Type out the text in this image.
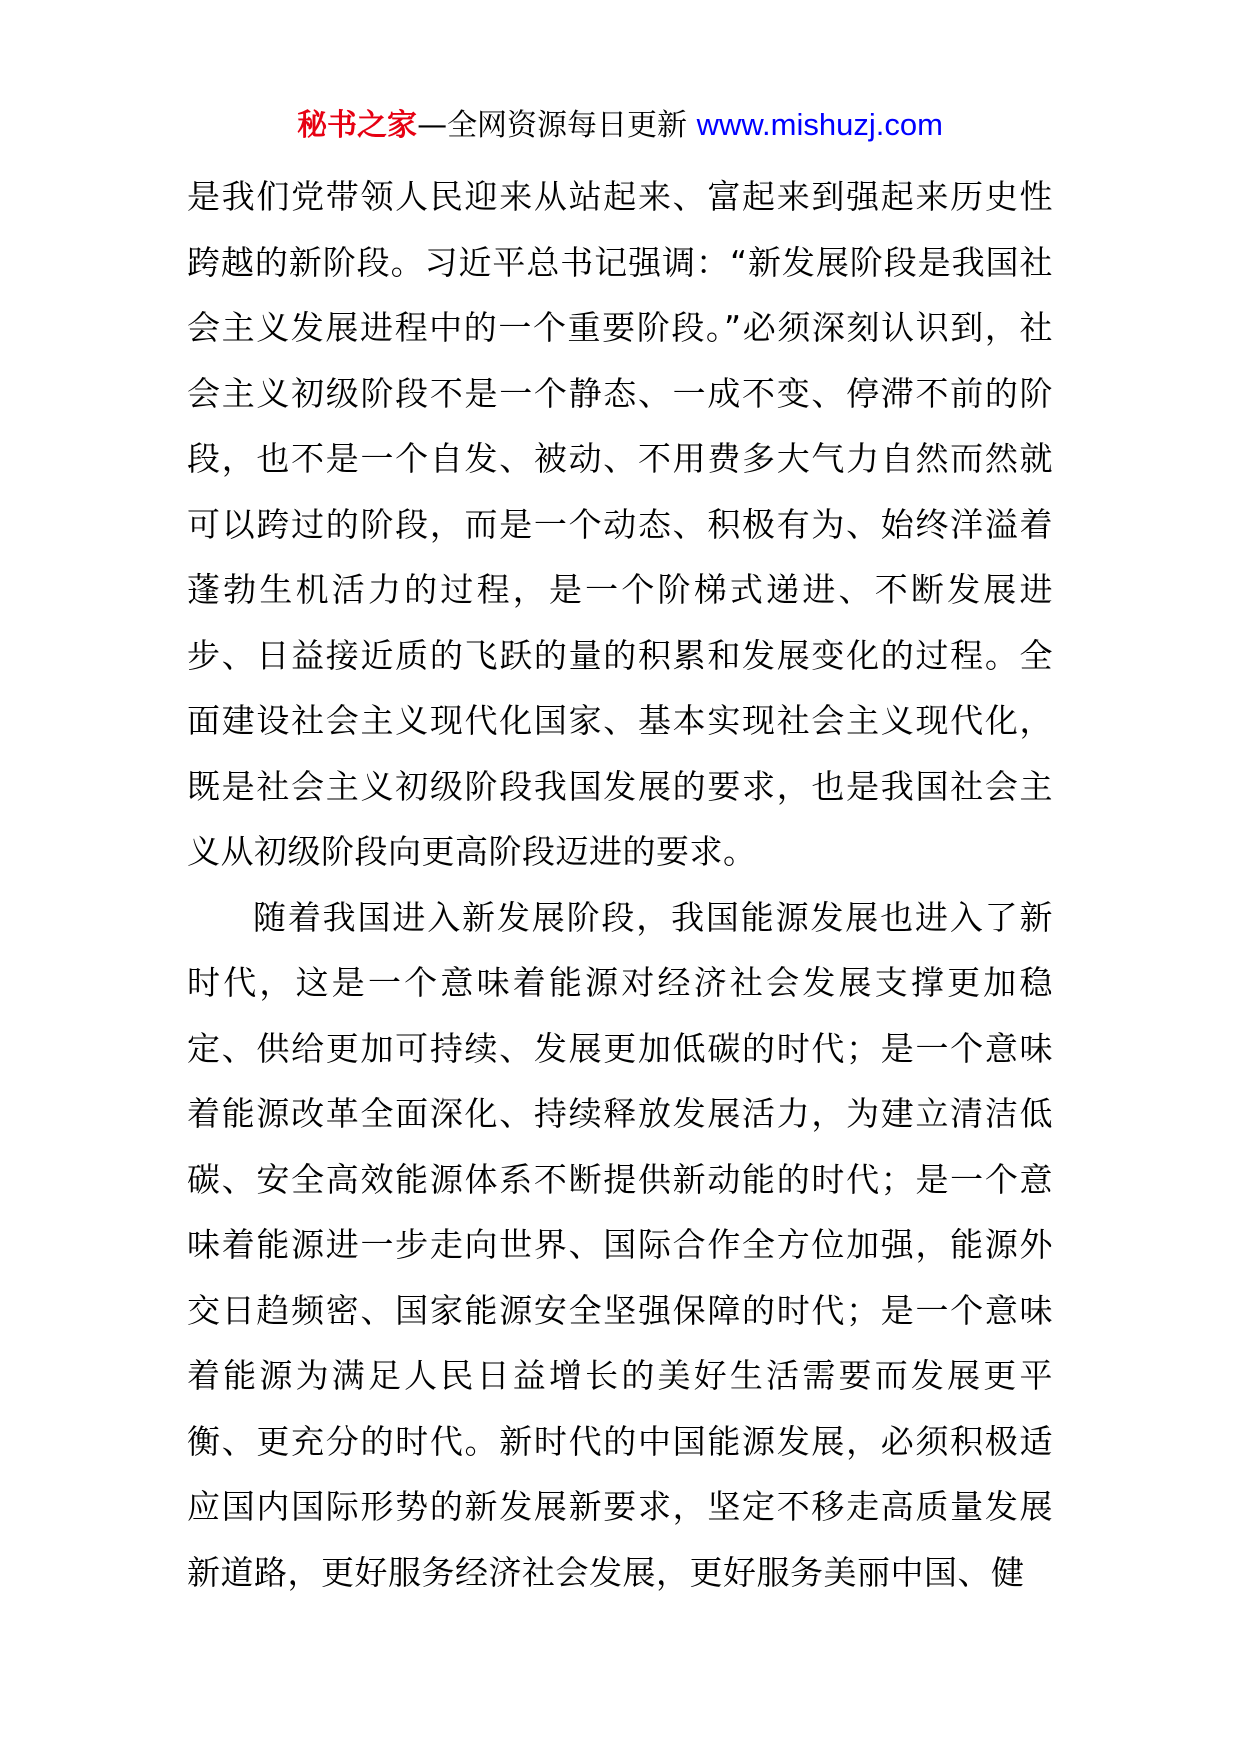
秘书之家—全网资源每日更新 www.mishuzj.com

是我们党带领人民迎来从站起来、富起来到强起来历史性跨越的新阶段。习近平总书记强调：“新发展阶段是我国社会主义发展进程中的一个重要阶段。”必须深刻认识到，社会主义初级阶段不是一个静态、一成不变、停滞不前的阶段，也不是一个自发、被动、不用费多大气力自然而然就可以跨过的阶段，而是一个动态、积极有为、始终洋溢着蓬勃生机活力的过程，是一个阶梯式递进、不断发展进步、日益接近质的飞跃的量的积累和发展变化的过程。全面建设社会主义现代化国家、基本实现社会主义现代化，既是社会主义初级阶段我国发展的要求，也是我国社会主义从初级阶段向更高阶段迈进的要求。

随着我国进入新发展阶段，我国能源发展也进入了新时代，这是一个意味着能源对经济社会发展支撑更加稳定、供给更加可持续、发展更加低碳的时代；是一个意味着能源改革全面深化、持续释放发展活力，为建立清洁低碳、安全高效能源体系不断提供新动能的时代；是一个意味着能源进一步走向世界、国际合作全方位加强，能源外交日趋频密、国家能源安全坚强保障的时代；是一个意味着能源为满足人民日益增长的美好生活需要而发展更平衡、更充分的时代。新时代的中国能源发展，必须积极适应国内国际形势的新发展新要求，坚定不移走高质量发展新道路，更好服务经济社会发展，更好服务美丽中国、健
